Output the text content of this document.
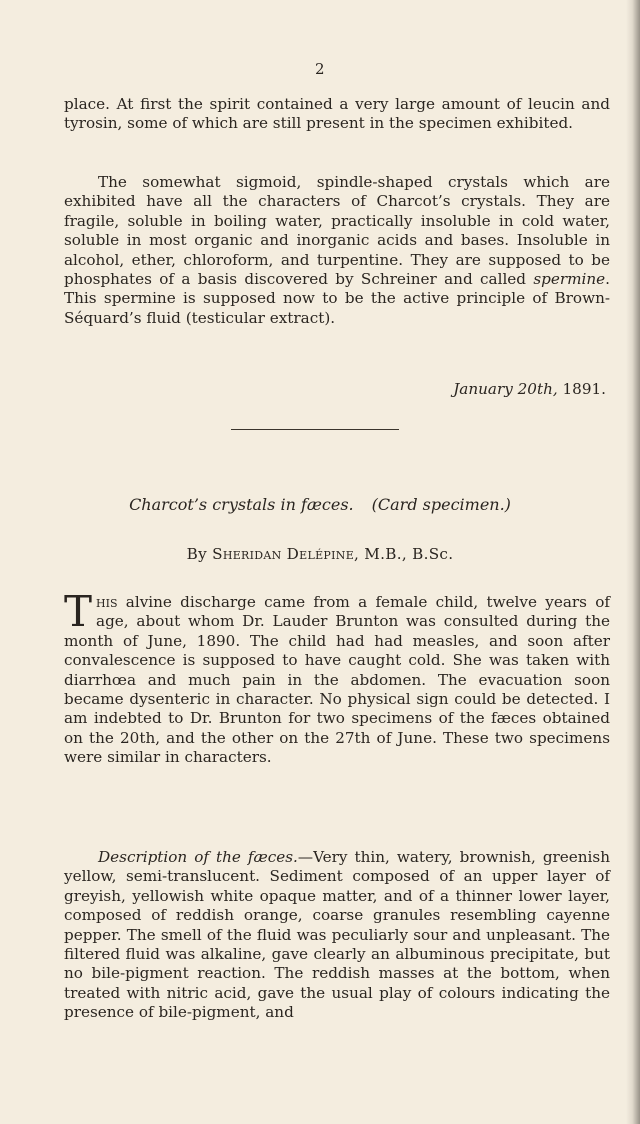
2

place. At first the spirit contained a very large amount of leucin and tyrosin, some of which are still present in the specimen exhibited.

The somewhat sigmoid, spindle-shaped crystals which are exhibited have all the characters of Charcot’s crystals. They are fragile, soluble in boiling water, practically insoluble in cold water, soluble in most organic and inorganic acids and bases. Insoluble in alcohol, ether, chloroform, and turpentine. They are supposed to be phosphates of a basis discovered by Schreiner and called spermine. This spermine is supposed now to be the active principle of Brown-Séquard’s fluid (testicular extract).

January 20th, 1891.
Charcot’s crystals in fæces. (Card specimen.)
By Sheridan Delépine, M.B., B.Sc.

This alvine discharge came from a female child, twelve years of age, about whom Dr. Lauder Brunton was consulted during the month of June, 1890. The child had had measles, and soon after convalescence is supposed to have caught cold. She was taken with diarrhœa and much pain in the abdomen. The evacuation soon became dysenteric in character. No physical sign could be detected. I am indebted to Dr. Brunton for two specimens of the fæces obtained on the 20th, and the other on the 27th of June. These two specimens were similar in characters.

Description of the fæces.—Very thin, watery, brownish, greenish yellow, semi-translucent. Sediment composed of an upper layer of greyish, yellowish white opaque matter, and of a thinner lower layer, composed of reddish orange, coarse granules resembling cayenne pepper. The smell of the fluid was peculiarly sour and unpleasant. The filtered fluid was alkaline, gave clearly an albuminous precipitate, but no bile-pigment reaction. The reddish masses at the bottom, when treated with nitric acid, gave the usual play of colours indicating the presence of bile-pigment, and
